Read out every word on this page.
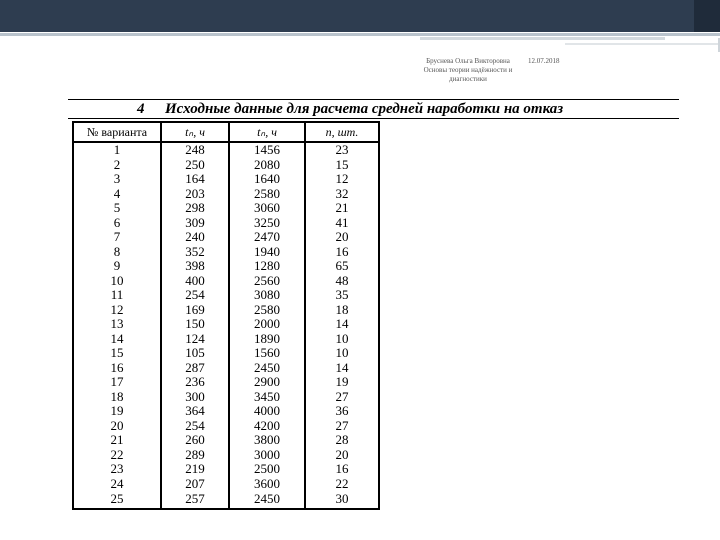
Бруснева Ольга Викторовна Основы теории надёжности и диагностики
12.07.2018
4 Исходные данные для расчета средней наработки на отказ
№ варианта	tₙ, ч	tₙ, ч	n, шт.
1	248	1456	23
2	250	2080	15
3	164	1640	12
4	203	2580	32
5	298	3060	21
6	309	3250	41
7	240	2470	20
8	352	1940	16
9	398	1280	65
10	400	2560	48
11	254	3080	35
12	169	2580	18
13	150	2000	14
14	124	1890	10
15	105	1560	10
16	287	2450	14
17	236	2900	19
18	300	3450	27
19	364	4000	36
20	254	4200	27
21	260	3800	28
22	289	3000	20
23	219	2500	16
24	207	3600	22
25	257	2450	30
